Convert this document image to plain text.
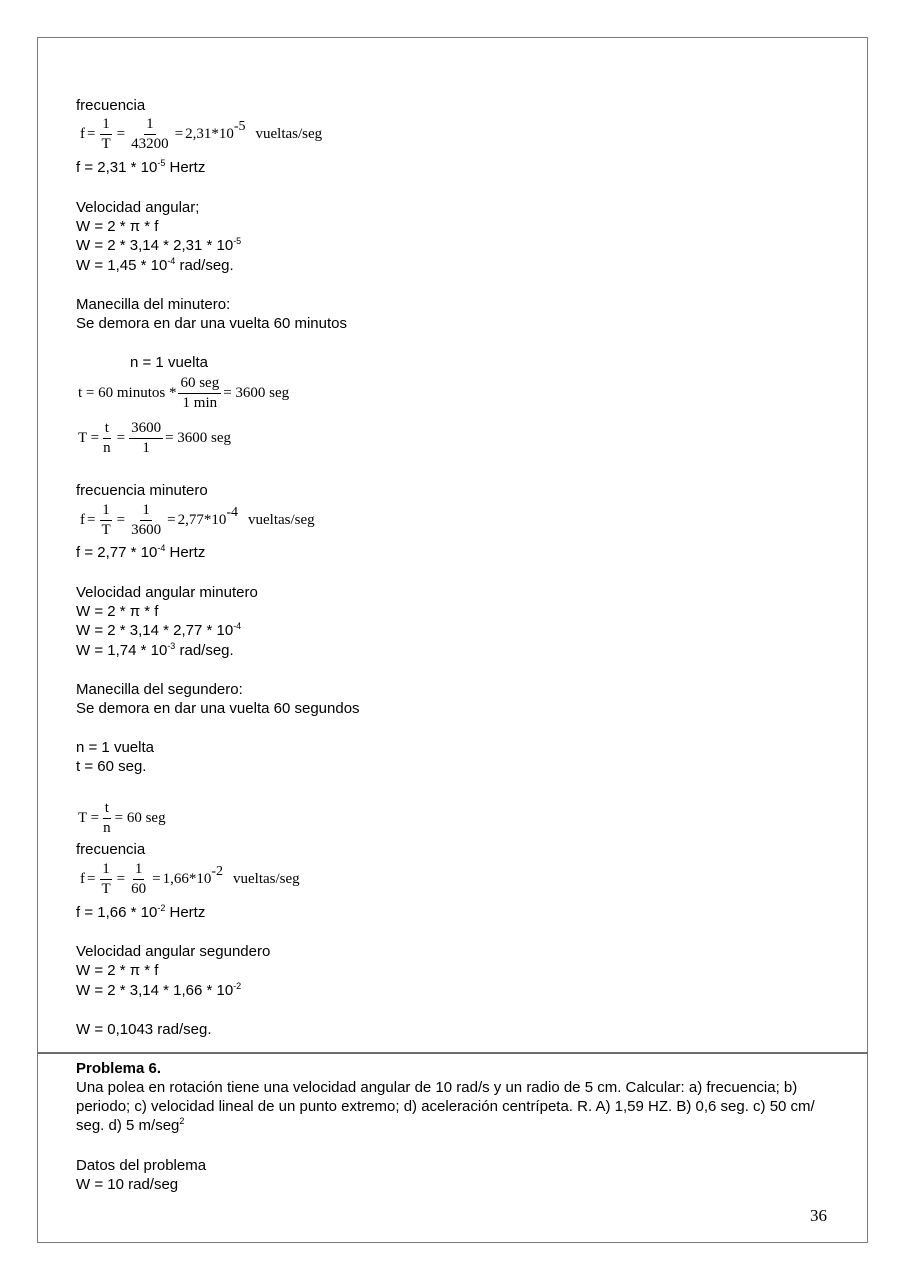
frecuencia
$f = \frac{1}{T} = \frac{1}{43200} = 2,31*10$ -5 vueltas/seg
$f = 2,31 * 10^{-5}$ Hertz
Velocidad angular;
W = 2 * π * f
$W = 2 * 3,14 * 2,31 * 10^{-5}$
$W = 1,45 * 10^{-4}$ rad/seg.
Manecilla del minutero:
Se demora en dar una vuelta 60 minutos
n = 1 vuelta
t = 60 minutos * $\frac{\text{60 seg}}{1 \min} = 3600$ seg
$T = \frac{t}{n} = \frac{3600}{1} = 3600$ seg
frecuencia minutero
$f = \frac{1}{T} = \frac{1}{3600} = 2,77*10$ -4 vueltas/seg
$f = 2,77 * 10^{-4}$ Hertz
Velocidad angular minutero
W = 2 * π * f
$W = 2 * 3,14 * 2,77 * 10^{-4}$
$W = 1,74 * 10^{-3}$ rad/seg.
Manecilla del segundero:
Se demora en dar una vuelta 60 segundos
n = 1 vuelta
t = 60 seg.
$T = \frac{t}{n} = 60$ seg
frecuencia
$f = \frac{1}{T} = \frac{1}{60} = 1,66*10$ -2 vueltas/seg
$f = 1,66 * 10^{-2}$ Hertz
Velocidad angular segundero
W = 2 * π * f
$W = 2 * 3,14 * 1,66 * 10^{-2}$
W = 0,1043 rad/seg.
Problema 6.
Una polea en rotación tiene una velocidad angular de 10 rad/s y un radio de 5 cm. Calcular: a) frecuencia; b) periodo; c) velocidad lineal de un punto extremo; d) aceleración centrípeta. R. A) 1,59 HZ. B) 0,6 seg. c) 50 cm/ seg. d) 5 m/seg$^2$
Datos del problema
W = 10 rad/seg
36
